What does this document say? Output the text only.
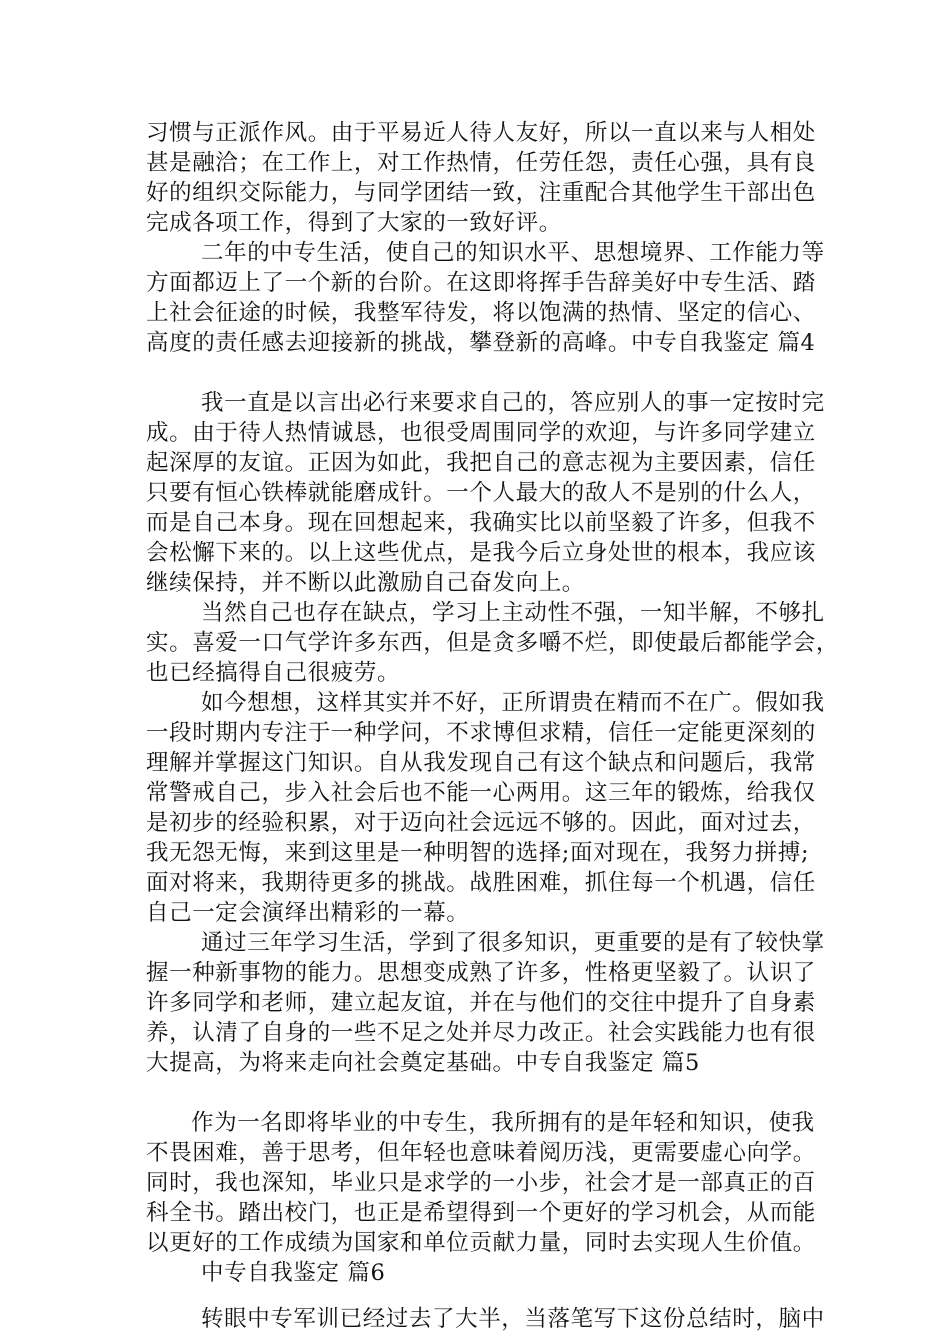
习惯与正派作风。由于平易近人待人友好，所以一直以来与人相处
甚是融洽；在工作上，对工作热情，任劳任怨，责任心强，具有良
好的组织交际能力，与同学团结一致，注重配合其他学生干部出色
完成各项工作，得到了大家的一致好评。
二年的中专生活，使自己的知识水平、思想境界、工作能力等
方面都迈上了一个新的台阶。在这即将挥手告辞美好中专生活、踏
上社会征途的时候，我整军待发，将以饱满的热情、坚定的信心、
高度的责任感去迎接新的挑战，攀登新的高峰。中专自我鉴定 篇4
我一直是以言出必行来要求自己的，答应别人的事一定按时完
成。由于待人热情诚恳，也很受周围同学的欢迎，与许多同学建立
起深厚的友谊。正因为如此，我把自己的意志视为主要因素，信任
只要有恒心铁棒就能磨成针。一个人最大的敌人不是别的什么人，
而是自己本身。现在回想起来，我确实比以前坚毅了许多，但我不
会松懈下来的。以上这些优点，是我今后立身处世的根本，我应该
继续保持，并不断以此激励自己奋发向上。
当然自己也存在缺点，学习上主动性不强，一知半解，不够扎
实。喜爱一口气学许多东西，但是贪多嚼不烂，即使最后都能学会，
也已经搞得自己很疲劳。
如今想想，这样其实并不好，正所谓贵在精而不在广。假如我
一段时期内专注于一种学问，不求博但求精，信任一定能更深刻的
理解并掌握这门知识。自从我发现自己有这个缺点和问题后，我常
常警戒自己，步入社会后也不能一心两用。这三年的锻炼，给我仅
是初步的经验积累，对于迈向社会远远不够的。因此，面对过去，
我无怨无悔，来到这里是一种明智的选择;面对现在，我努力拼搏;
面对将来，我期待更多的挑战。战胜困难，抓住每一个机遇，信任
自己一定会演绎出精彩的一幕。
通过三年学习生活，学到了很多知识，更重要的是有了较快掌
握一种新事物的能力。思想变成熟了许多，性格更坚毅了。认识了
许多同学和老师，建立起友谊，并在与他们的交往中提升了自身素
养，认清了自身的一些不足之处并尽力改正。社会实践能力也有很
大提高，为将来走向社会奠定基础。中专自我鉴定 篇5
作为一名即将毕业的中专生，我所拥有的是年轻和知识，使我
不畏困难，善于思考，但年轻也意味着阅历浅，更需要虚心向学。
同时，我也深知，毕业只是求学的一小步，社会才是一部真正的百
科全书。踏出校门，也正是希望得到一个更好的学习机会，从而能
以更好的工作成绩为国家和单位贡献力量，同时去实现人生价值。
中专自我鉴定 篇6
转眼中专军训已经过去了大半，当落笔写下这份总结时，脑中
